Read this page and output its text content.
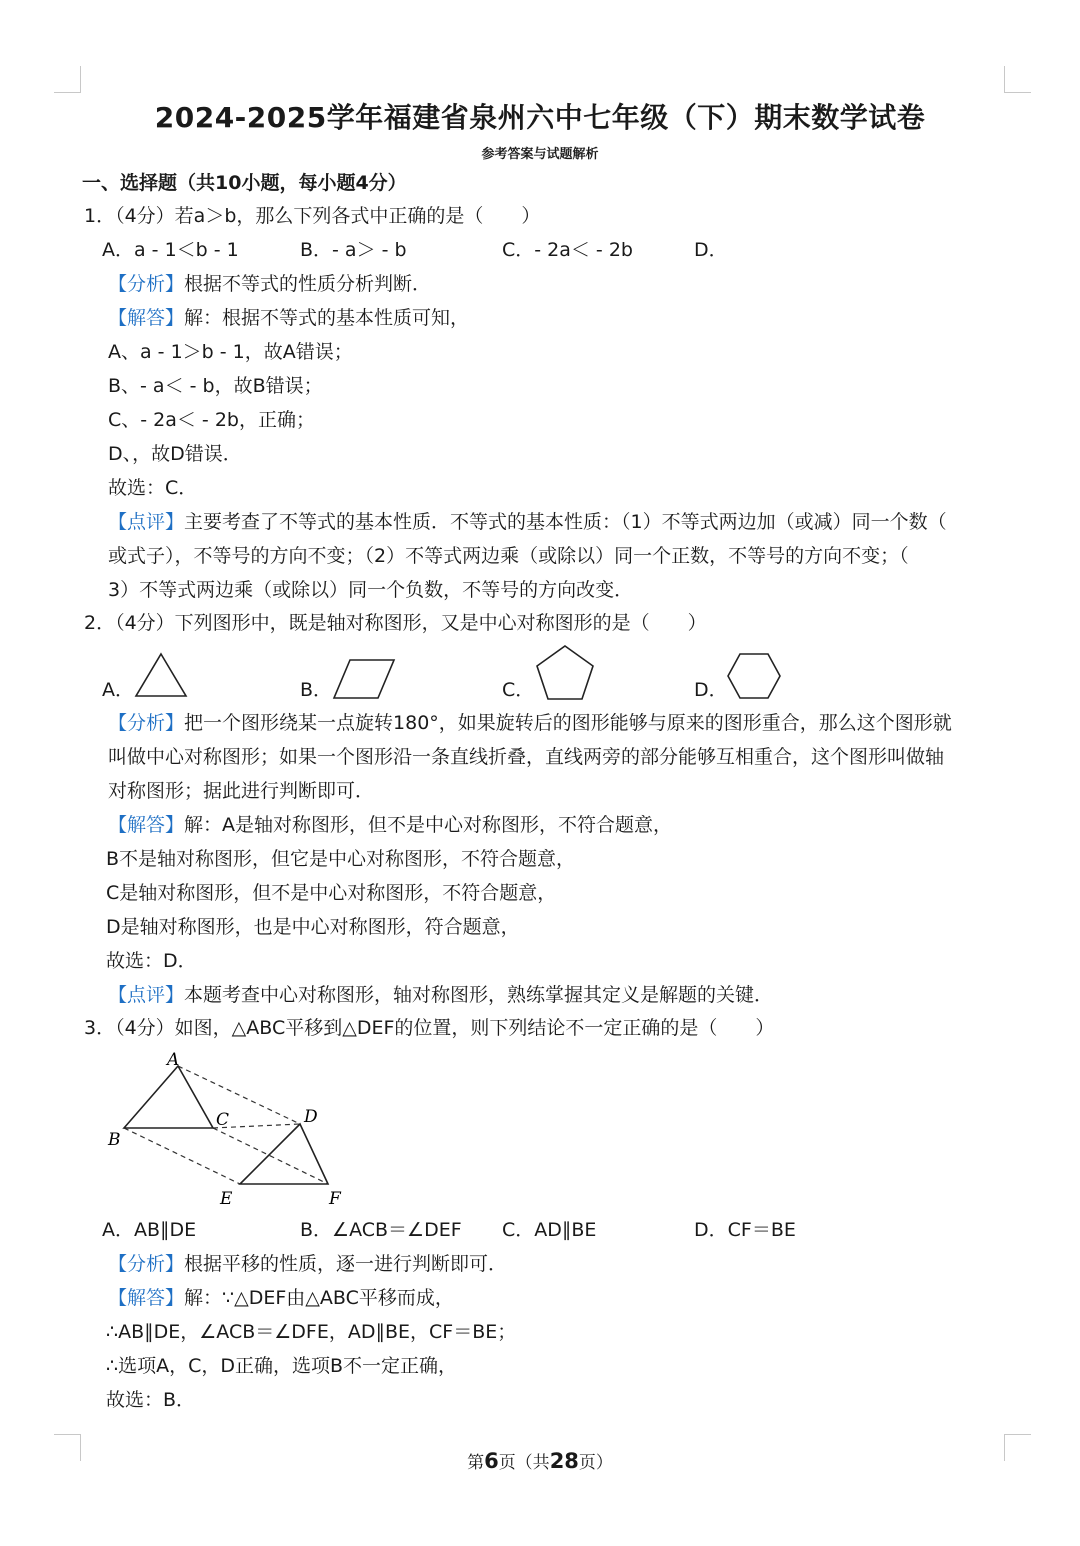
2024-2025学年福建省泉州六中七年级（下）期末数学试卷
参考答案与试题解析
一、选择题（共10小题，每小题4分）
1．（4分）若a＞b，那么下列各式中正确的是（　　）
A．a - 1＜b - 1	B．- a＞ - b	C．- 2a＜ - 2b	D．
【分析】根据不等式的性质分析判断．
【解答】解：根据不等式的基本性质可知，
A、a - 1＞b - 1，故A错误；
B、- a＜ - b，故B错误；
C、- 2a＜ - 2b，正确；
D、，故D错误．
故选：C．
【点评】主要考查了不等式的基本性质．不等式的基本性质：（1）不等式两边加（或减）同一个数（
或式子），不等号的方向不变；（2）不等式两边乘（或除以）同一个正数，不等号的方向不变；（
3）不等式两边乘（或除以）同一个负数，不等号的方向改变．
2．（4分）下列图形中，既是轴对称图形，又是中心对称图形的是（　　）
A．	B．	C．	D．
【分析】把一个图形绕某一点旋转180°，如果旋转后的图形能够与原来的图形重合，那么这个图形就
叫做中心对称图形；如果一个图形沿一条直线折叠，直线两旁的部分能够互相重合，这个图形叫做轴
对称图形；据此进行判断即可．
【解答】解：A是轴对称图形，但不是中心对称图形，不符合题意，
B不是轴对称图形，但它是中心对称图形，不符合题意，
C是轴对称图形，但不是中心对称图形，不符合题意，
D是轴对称图形，也是中心对称图形，符合题意，
故选：D．
【点评】本题考查中心对称图形，轴对称图形，熟练掌握其定义是解题的关键．
3．（4分）如图，△ABC平移到△DEF的位置，则下列结论不一定正确的是（　　）
A
B
C	D
E	F
A．AB∥DE	B．∠ACB＝∠DEF C．AD∥BE	D．CF＝BE
【分析】根据平移的性质，逐一进行判断即可．
【解答】解：∵△DEF由△ABC平移而成，
∴AB∥DE，∠ACB＝∠DFE，AD∥BE，CF＝BE；
∴选项A，C，D正确，选项B不一定正确，
故选：B．
第6页（共28页）
